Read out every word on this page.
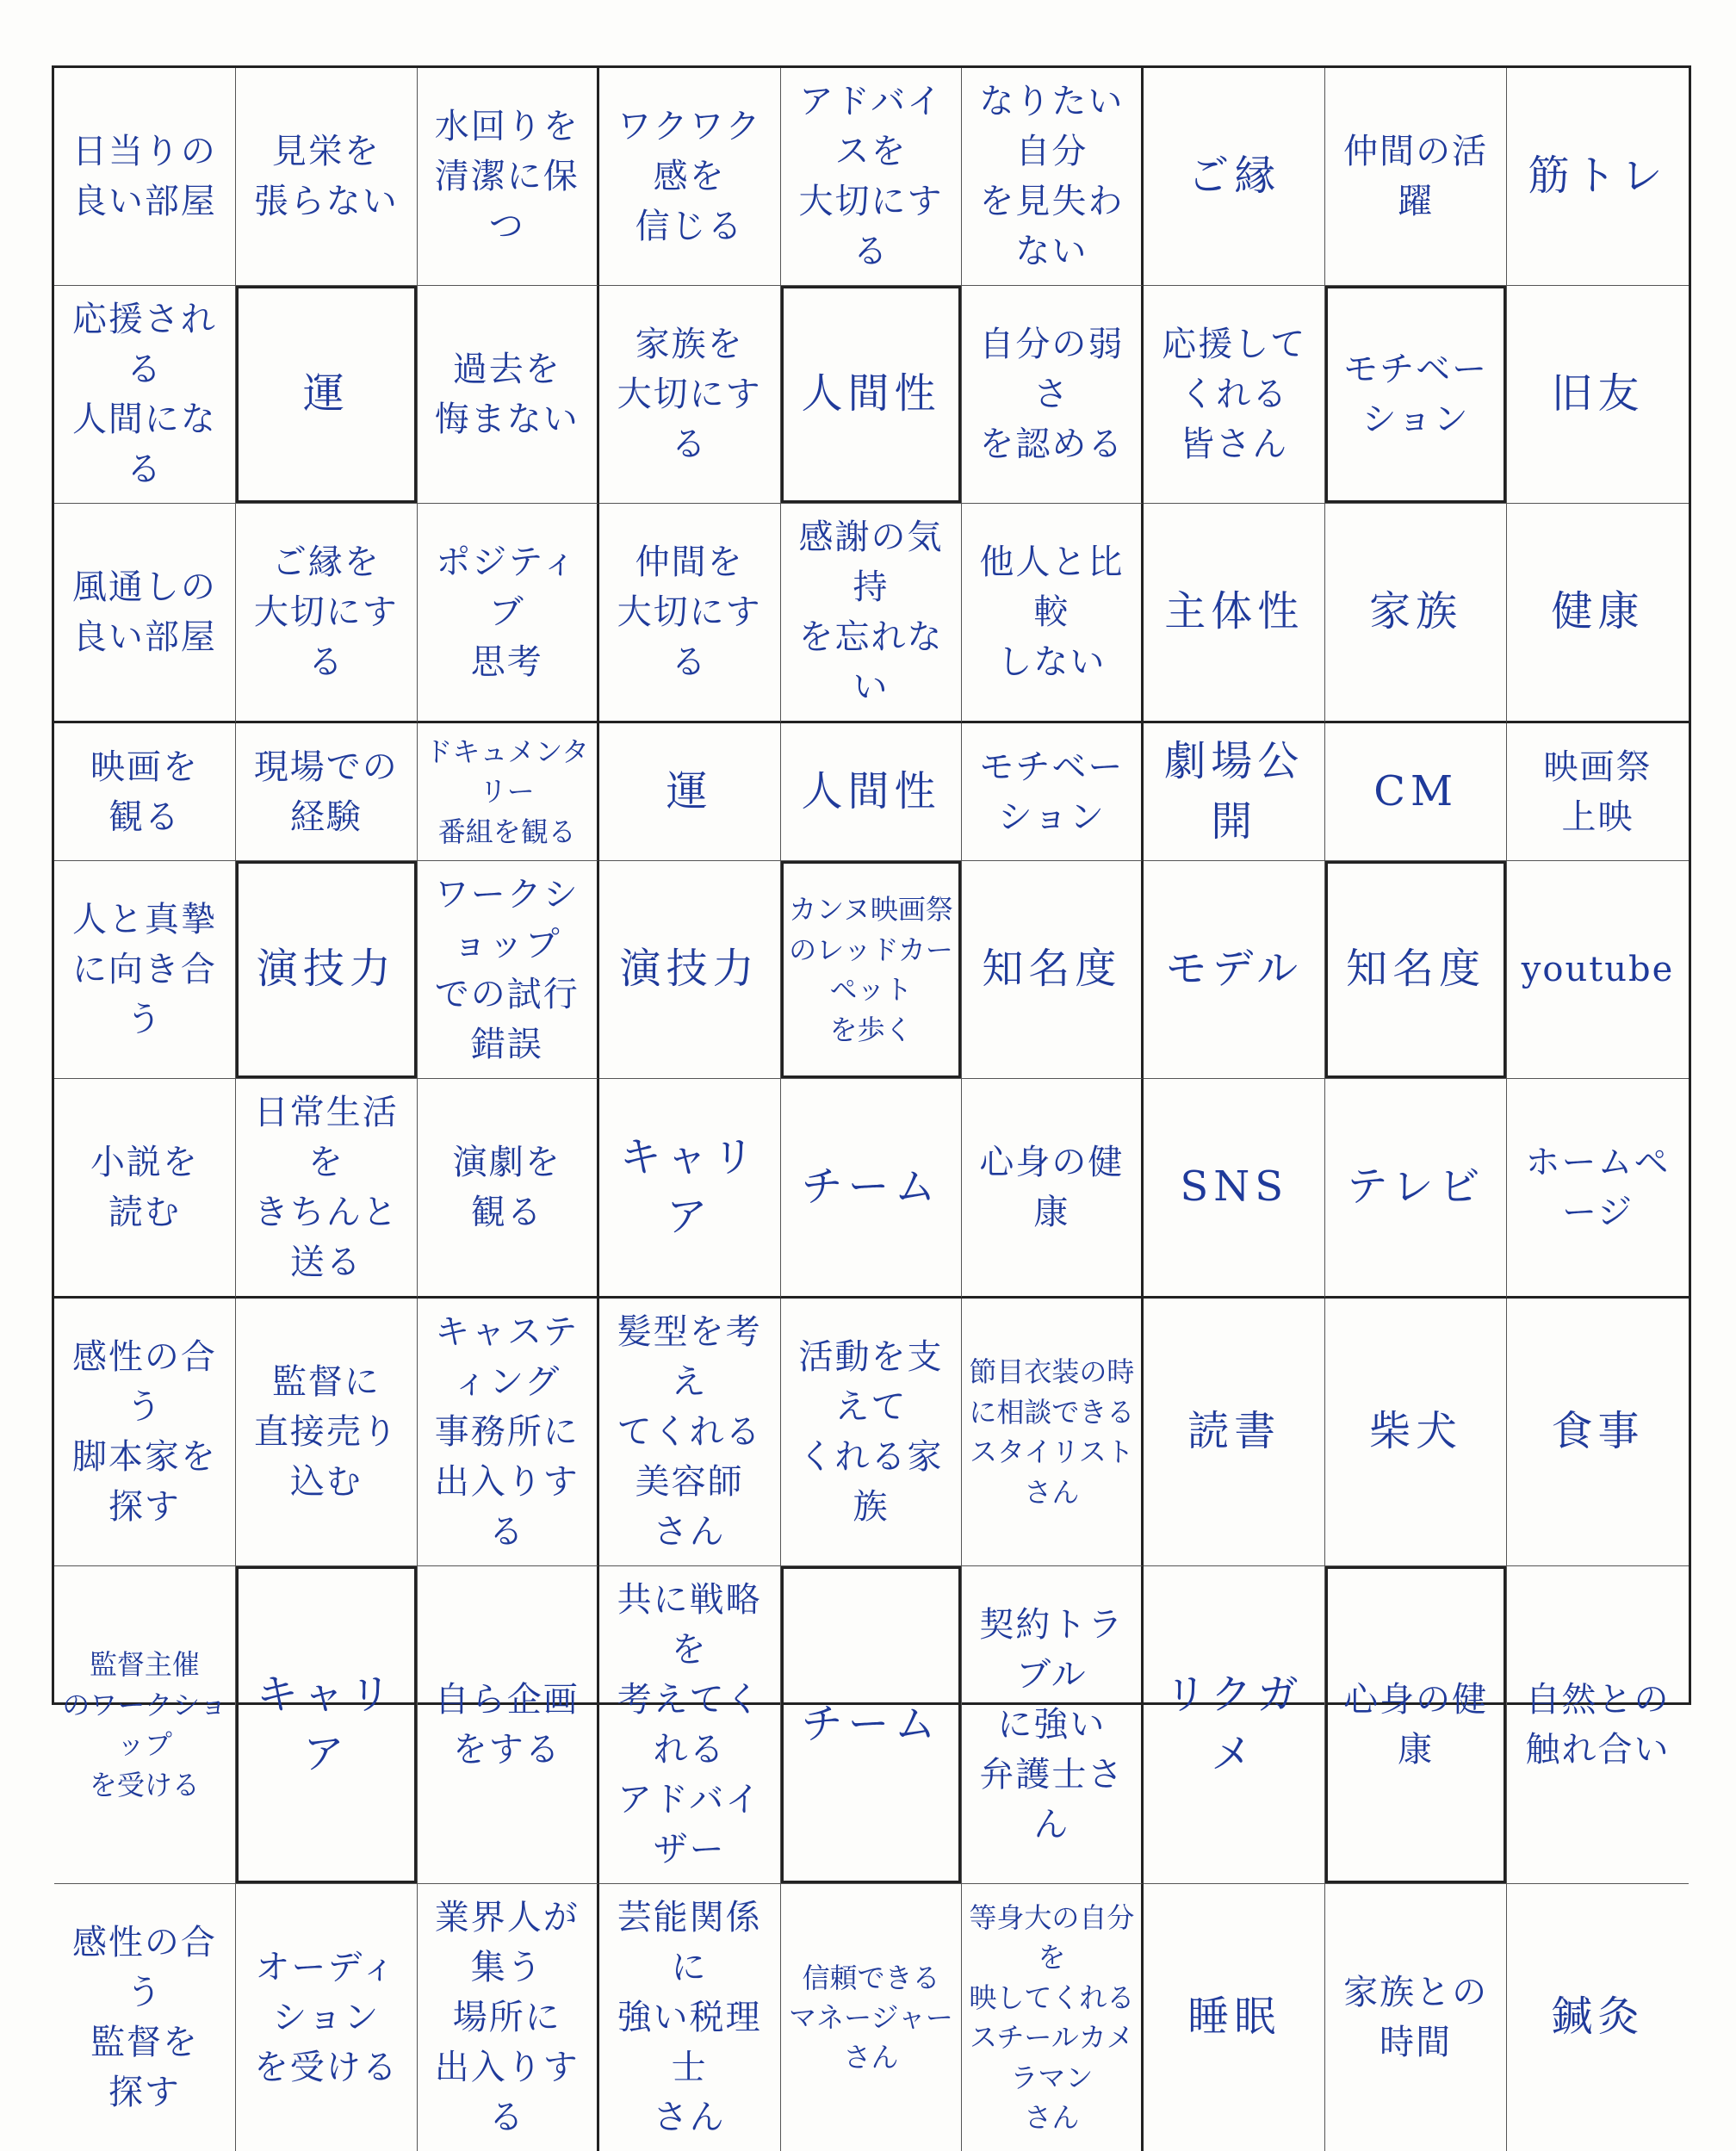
日当りの
良い部屋
見栄を
張らない
水回りを
清潔に保つ
ワクワク感を
信じる
アドバイスを
大切にする
なりたい自分
を見失わない
ご縁
仲間の活躍
筋トレ
応援される
人間になる
運
過去を
悔まない
家族を
大切にする
人間性
自分の弱さ
を認める
応援してくれる
皆さん
モチベーション
旧友
風通しの
良い部屋
ご縁を
大切にする
ポジティブ
思考
仲間を
大切にする
感謝の気持
を忘れない
他人と比較
しない
主体性 家族 健康
映画を
観る
現場での
経験
ドキュメンタリー
番組を観る
運 人間性
モチベーション
劇場公開
CM
映画祭
上映
人と真摯
に向き合う
演技力
ワークショップ
での試行
錯誤
演技力
カンヌ映画祭
のレッドカーペット
を歩く
知名度 モデル 知名度 youtube
小説を
読む
日常生活を
きちんと送る
演劇を
観る
キャリア
チーム
心身の健康
SNS テレビ
ホームページ
感性の合う
脚本家を
探す
監督に
直接売り込む
キャスティング
事務所に
出入りする
髪型を考え
てくれる美容師
さん
活動を支えて
くれる家族
節目衣装の時
に相談できる
スタイリストさん
読書 柴犬 食事
監督主催
のワークショップ
を受ける
キャリア
自ら企画
をする
共に戦略を
考えてくれる
アドバイザー
チーム
契約トラブル
に強い
弁護士さん
リクガメ
心身の健康
自然との
触れ合い
感性の合う
監督を
探す
オーディション
を受ける
業界人が集う
場所に
出入りする
芸能関係に
強い税理士
さん
信頼できる
マネージャーさん
等身大の自分を
映してくれる
スチールカメラマン
さん
睡眠
家族との
時間
鍼灸
